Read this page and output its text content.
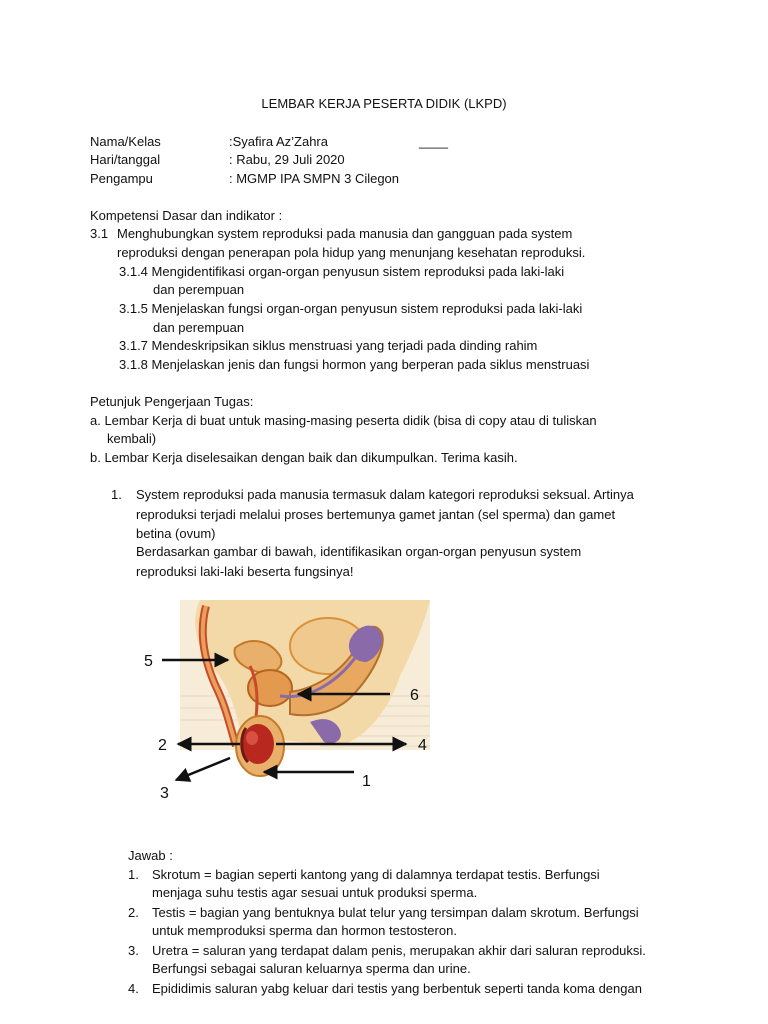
LEMBAR KERJA PESERTA DIDIK (LKPD)
Nama/Kelas	:Syafira Az’Zahra	____
Hari/tanggal	: Rabu, 29 Juli 2020
Pengampu	: MGMP IPA SMPN 3 Cilegon
Kompetensi Dasar dan indikator :
3.1 Menghubungkan system reproduksi pada manusia dan gangguan pada system
reproduksi dengan penerapan pola hidup yang menunjang kesehatan reproduksi.
3.1.4 Mengidentifikasi organ-organ penyusun sistem reproduksi pada laki-laki
dan perempuan
3.1.5 Menjelaskan fungsi organ-organ penyusun sistem reproduksi pada laki-laki
dan perempuan
3.1.7 Mendeskripsikan siklus menstruasi yang terjadi pada dinding rahim
3.1.8 Menjelaskan jenis dan fungsi hormon yang berperan pada siklus menstruasi
Petunjuk Pengerjaan Tugas:
a. Lembar Kerja di buat untuk masing-masing peserta didik (bisa di copy atau di tuliskan
kembali)
b. Lembar Kerja diselesaikan dengan baik dan dikumpulkan. Terima kasih.
1. System reproduksi pada manusia termasuk dalam kategori reproduksi seksual. Artinya
reproduksi terjadi melalui proses bertemunya gamet jantan (sel sperma) dan gamet
betina (ovum)
Berdasarkan gambar di bawah, identifikasikan organ-organ penyusun system
reproduksi laki-laki beserta fungsinya!
5
6
2	4
3
1
Jawab :
1. Skrotum = bagian seperti kantong yang di dalamnya terdapat testis. Berfungsi
menjaga suhu testis agar sesuai untuk produksi sperma.
2. Testis = bagian yang bentuknya bulat telur yang tersimpan dalam skrotum. Berfungsi
untuk memproduksi sperma dan hormon testosteron.
3. Uretra = saluran yang terdapat dalam penis, merupakan akhir dari saluran reproduksi.
Berfungsi sebagai saluran keluarnya sperma dan urine.
4. Epididimis saluran yabg keluar dari testis yang berbentuk seperti tanda koma dengan
